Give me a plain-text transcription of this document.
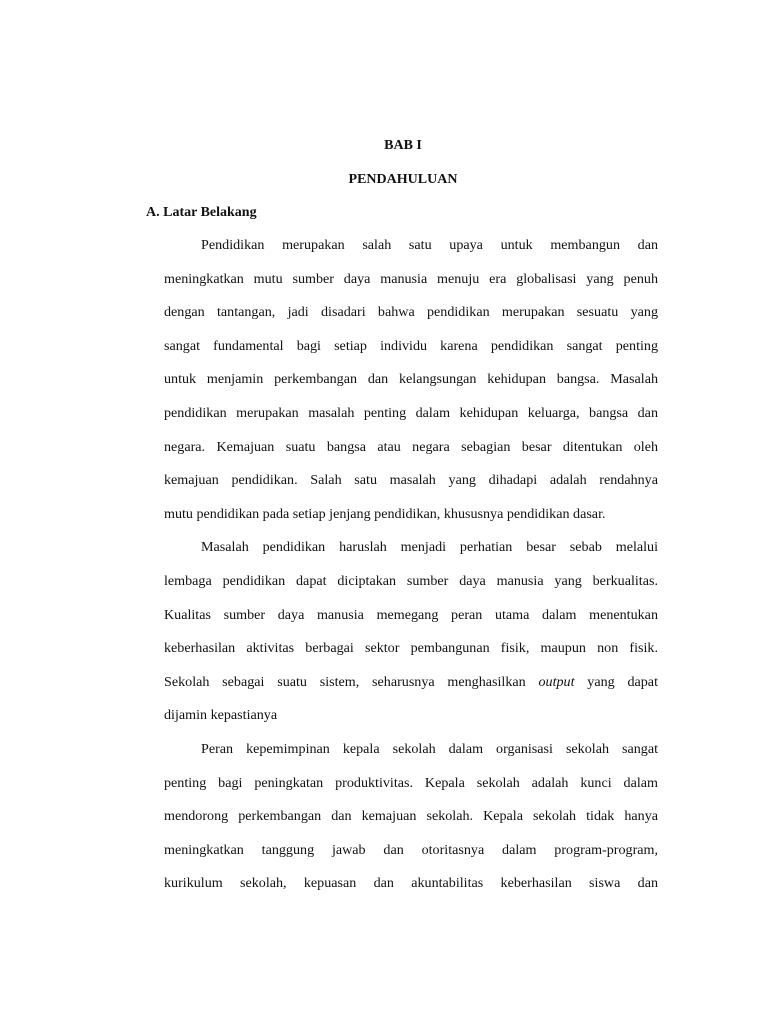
BAB I
PENDAHULUAN
A. Latar Belakang

Pendidikan merupakan salah satu upaya untuk membangun dan
meningkatkan mutu sumber daya manusia menuju era globalisasi yang penuh
dengan tantangan, jadi disadari bahwa pendidikan merupakan sesuatu yang
sangat fundamental bagi setiap individu karena pendidikan sangat penting
untuk menjamin perkembangan dan kelangsungan kehidupan bangsa. Masalah
pendidikan merupakan masalah penting dalam kehidupan keluarga, bangsa dan
negara. Kemajuan suatu bangsa atau negara sebagian besar ditentukan oleh
kemajuan pendidikan. Salah satu masalah yang dihadapi adalah rendahnya
mutu pendidikan pada setiap jenjang pendidikan, khususnya pendidikan dasar.

Masalah pendidikan haruslah menjadi perhatian besar sebab melalui
lembaga pendidikan dapat diciptakan sumber daya manusia yang berkualitas.
Kualitas sumber daya manusia memegang peran utama dalam menentukan
keberhasilan aktivitas berbagai sektor pembangunan fisik, maupun non fisik.
Sekolah sebagai suatu sistem, seharusnya menghasilkan output yang dapat
dijamin kepastianya

Peran kepemimpinan kepala sekolah dalam organisasi sekolah sangat
penting bagi peningkatan produktivitas. Kepala sekolah adalah kunci dalam
mendorong perkembangan dan kemajuan sekolah. Kepala sekolah tidak hanya
meningkatkan tanggung jawab dan otoritasnya dalam program-program,
kurikulum sekolah, kepuasan dan akuntabilitas keberhasilan siswa dan
